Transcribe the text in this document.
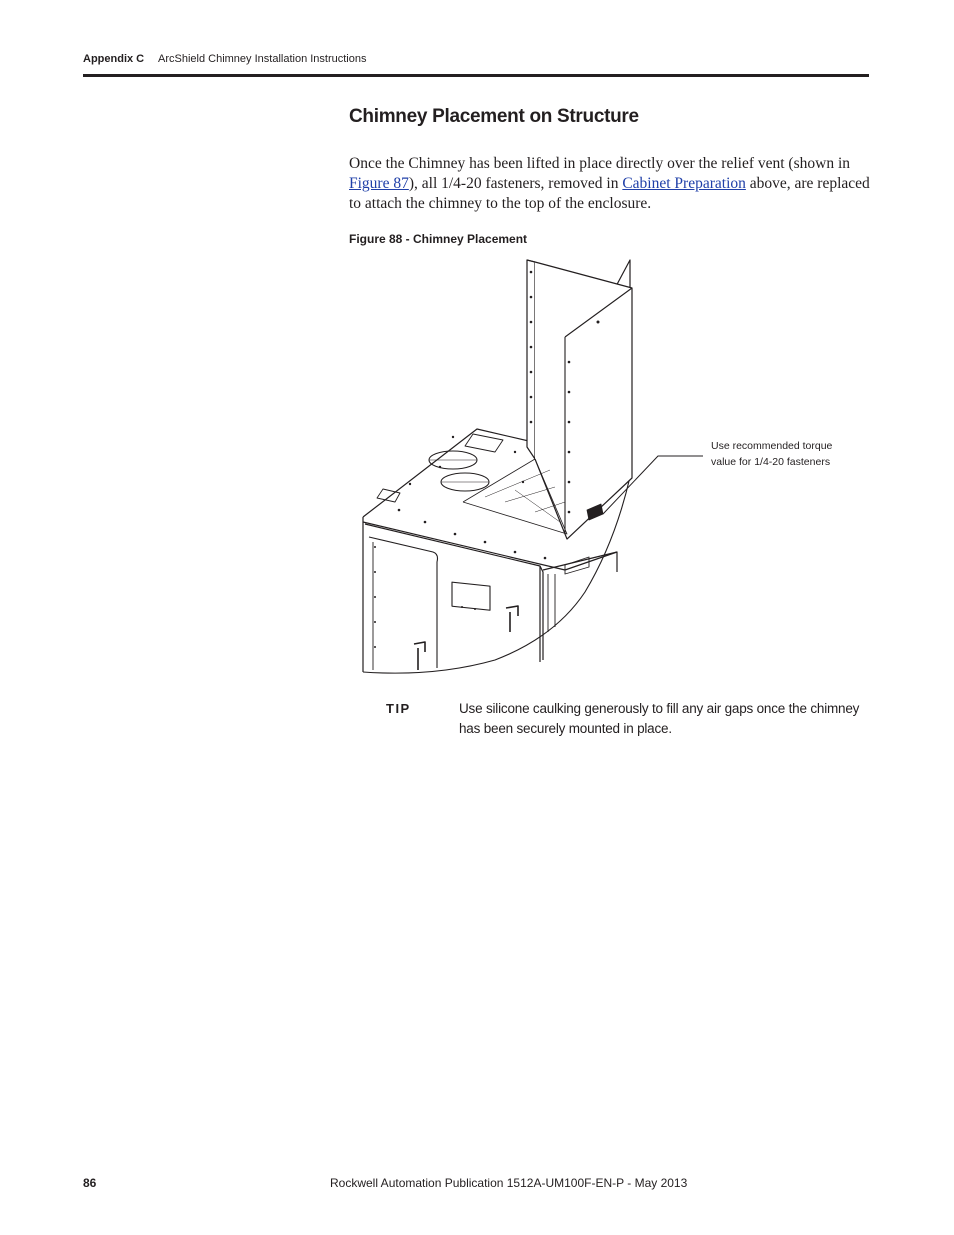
Appendix C ArcShield Chimney Installation Instructions
Chimney Placement on Structure

Once the Chimney has been lifted in place directly over the relief vent (shown in Figure 87), all 1/4-20 fasteners, removed in Cabinet Preparation above, are replaced to attach the chimney to the top of the enclosure.

Figure 88 - Chimney Placement
Use recommended torque
value for 1/4-20 fasteners
TIP	Use silicone caulking generously to fill any air gaps once the chimney has been securely mounted in place.
86	Rockwell Automation Publication 1512A-UM100F-EN-P - May 2013
